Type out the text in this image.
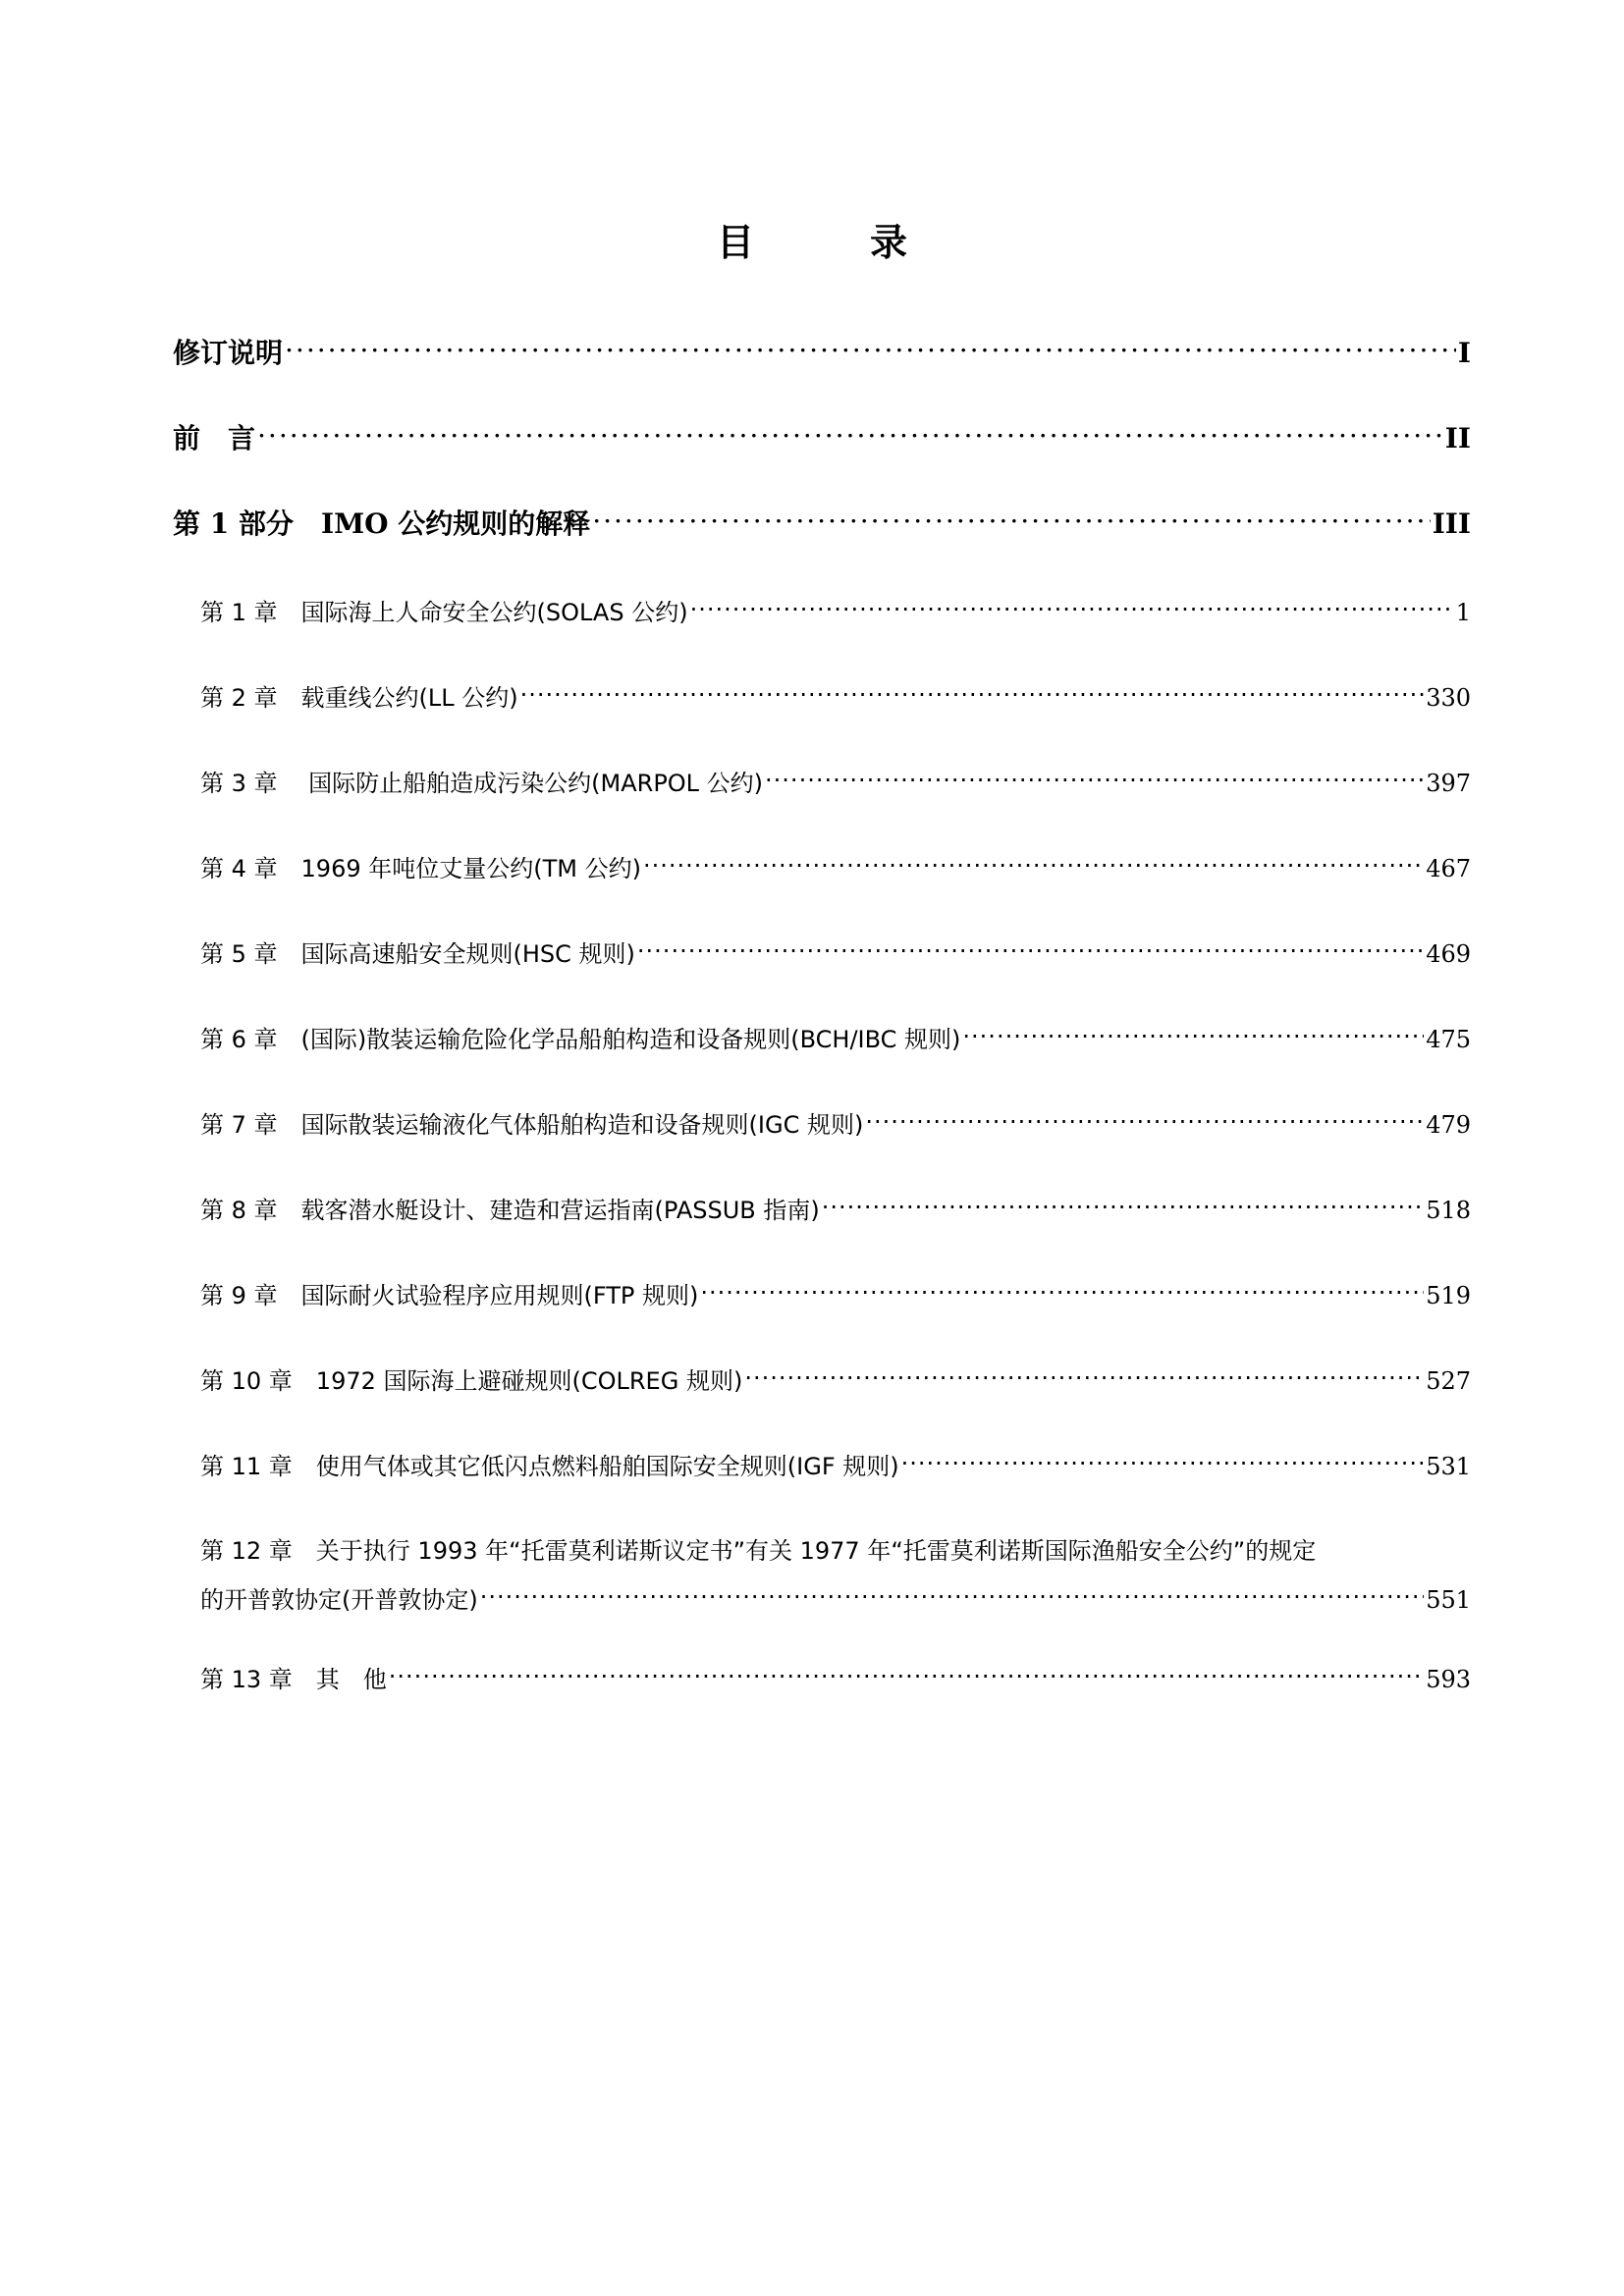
目　录
修订说明 .....	I
前　言 .....	II
第 1 部分　IMO 公约规则的解释 .....	III
第 1 章　国际海上人命安全公约(SOLAS 公约) .....	1
第 2 章　载重线公约(LL 公约) .....	330
第 3 章　 国际防止船舶造成污染公约(MARPOL 公约) .....	397
第 4 章　1969 年吨位丈量公约(TM 公约) .....	467
第 5 章　国际高速船安全规则(HSC 规则) .....	469
第 6 章　(国际)散装运输危险化学品船舶构造和设备规则(BCH/IBC 规则) .....	475
第 7 章　国际散装运输液化气体船舶构造和设备规则(IGC 规则) .....	479
第 8 章　载客潜水艇设计、建造和营运指南(PASSUB 指南) .....	518
第 9 章　国际耐火试验程序应用规则(FTP 规则) .....	519
第 10 章　1972 国际海上避碰规则(COLREG 规则) .....	527
第 11 章　使用气体或其它低闪点燃料船舶国际安全规则(IGF 规则) .....	531
第 12 章　关于执行 1993 年“托雷莫利诺斯议定书”有关 1977 年“托雷莫利诺斯国际渔船安全公约”的规定
的开普敦协定(开普敦协定) .....	551
第 13 章　其　他 .....	593
